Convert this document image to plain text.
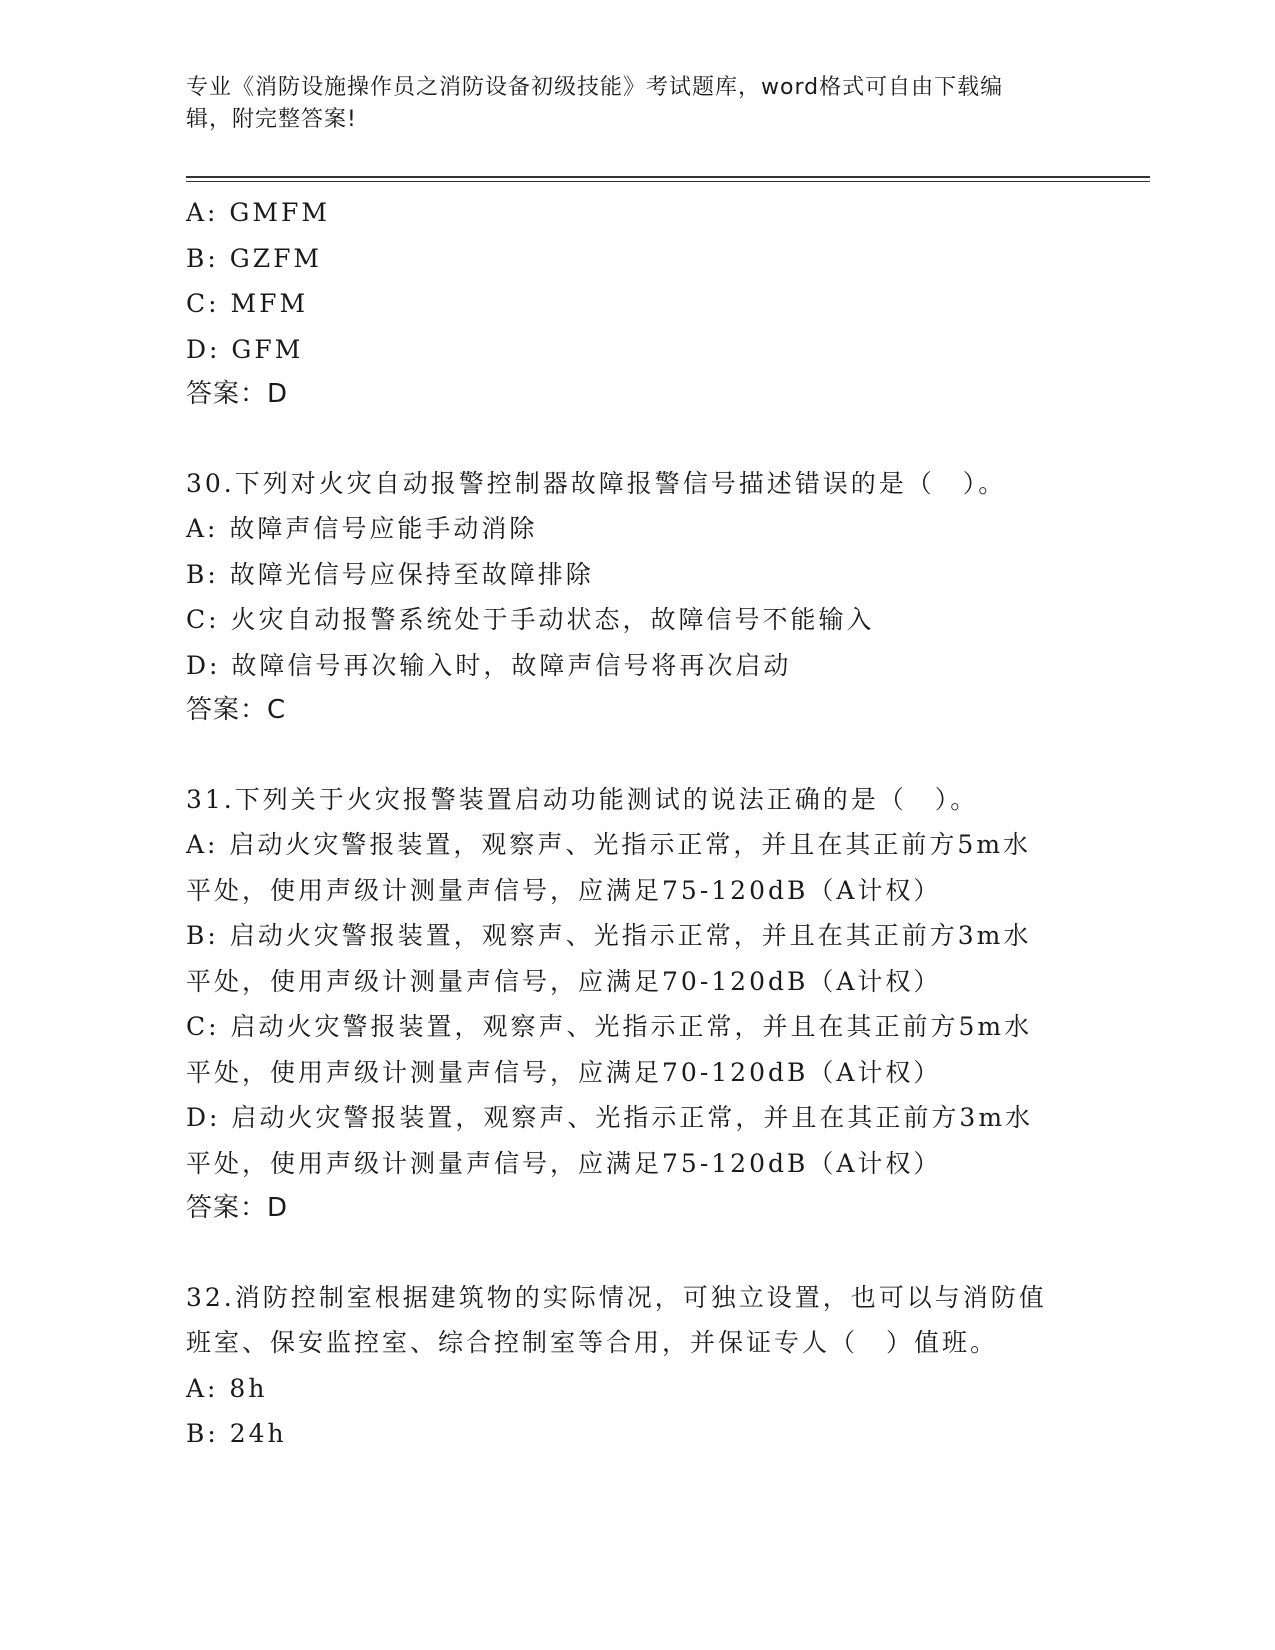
专业《消防设施操作员之消防设备初级技能》考试题库，word格式可自由下载编
辑，附完整答案!
A: GMFM
B: GZFM
C: MFM
D: GFM
答案：D
30.下列对火灾自动报警控制器故障报警信号描述错误的是（　）。
A: 故障声信号应能手动消除
B: 故障光信号应保持至故障排除
C: 火灾自动报警系统处于手动状态，故障信号不能输入
D: 故障信号再次输入时，故障声信号将再次启动
答案：C
31.下列关于火灾报警装置启动功能测试的说法正确的是（　）。
A: 启动火灾警报装置，观察声、光指示正常，并且在其正前方5m水
平处，使用声级计测量声信号，应满足75-120dB（A计权）
B: 启动火灾警报装置，观察声、光指示正常，并且在其正前方3m水
平处，使用声级计测量声信号，应满足70-120dB（A计权）
C: 启动火灾警报装置，观察声、光指示正常，并且在其正前方5m水
平处，使用声级计测量声信号，应满足70-120dB（A计权）
D: 启动火灾警报装置，观察声、光指示正常，并且在其正前方3m水
平处，使用声级计测量声信号，应满足75-120dB（A计权）
答案：D
32.消防控制室根据建筑物的实际情况，可独立设置，也可以与消防值
班室、保安监控室、综合控制室等合用，并保证专人（　）值班。
A: 8h
B: 24h
